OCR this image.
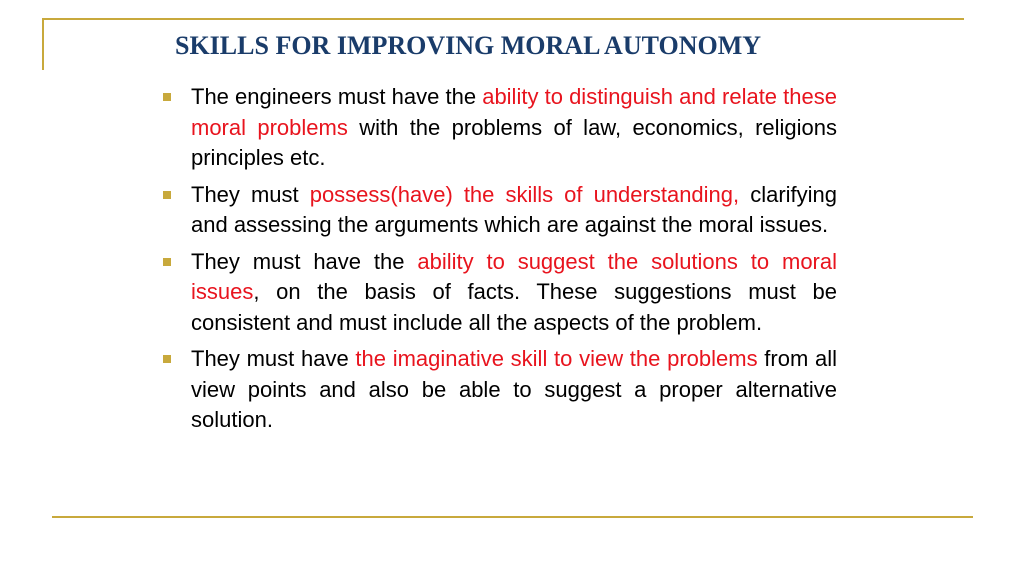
SKILLS FOR IMPROVING MORAL AUTONOMY
The engineers must have the ability to distinguish and relate these moral problems with the problems of law, economics, religions principles etc.
They must possess(have) the skills of understanding, clarifying and assessing the arguments which are against the moral issues.
They must have the ability to suggest the solutions to moral issues, on the basis of facts. These suggestions must be consistent and must include all the aspects of the problem.
They must have the imaginative skill to view the problems from all view points and also be able to suggest a proper alternative solution.
